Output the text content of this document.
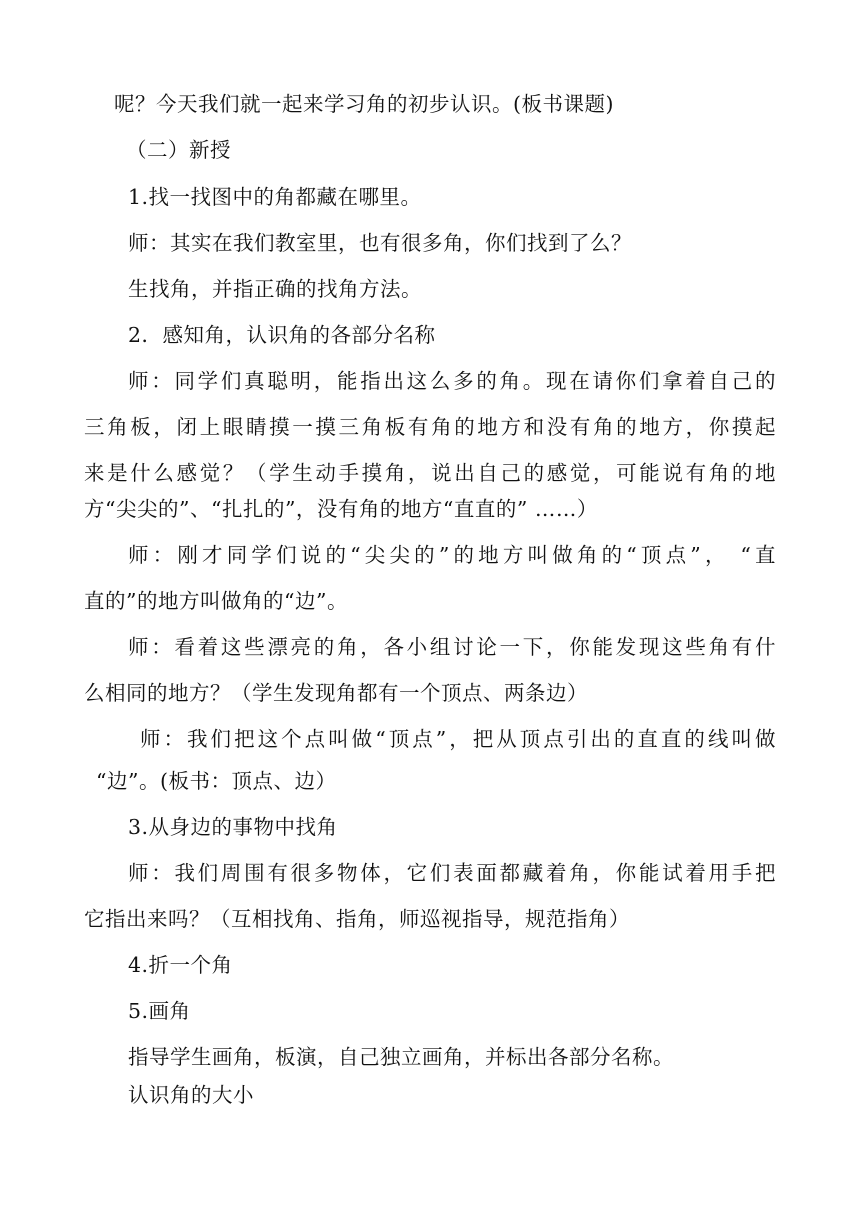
呢？今天我们就一起来学习角的初步认识。(板书课题)
（二）新授
1.找一找图中的角都藏在哪里。
师：其实在我们教室里，也有很多角，你们找到了么？
生找角，并指正确的找角方法。
2．感知角，认识角的各部分名称
师：同学们真聪明，能指出这么多的角。现在请你们拿着自己的
三角板，闭上眼睛摸一摸三角板有角的地方和没有角的地方，你摸起
来是什么感觉？（学生动手摸角，说出自己的感觉，可能说有角的地
方“尖尖的”、“扎扎的”，没有角的地方“直直的” ……）
师：刚才同学们说的“尖尖的”的地方叫做角的“顶点”， “直
直的”的地方叫做角的“边”。
师：看着这些漂亮的角，各小组讨论一下，你能发现这些角有什
么相同的地方？（学生发现角都有一个顶点、两条边）
师：我们把这个点叫做“顶点”，把从顶点引出的直直的线叫做
“边”。(板书：顶点、边）
3.从身边的事物中找角
师：我们周围有很多物体，它们表面都藏着角，你能试着用手把
它指出来吗？（互相找角、指角，师巡视指导，规范指角）
4.折一个角
5.画角
指导学生画角，板演，自己独立画角，并标出各部分名称。
认识角的大小
